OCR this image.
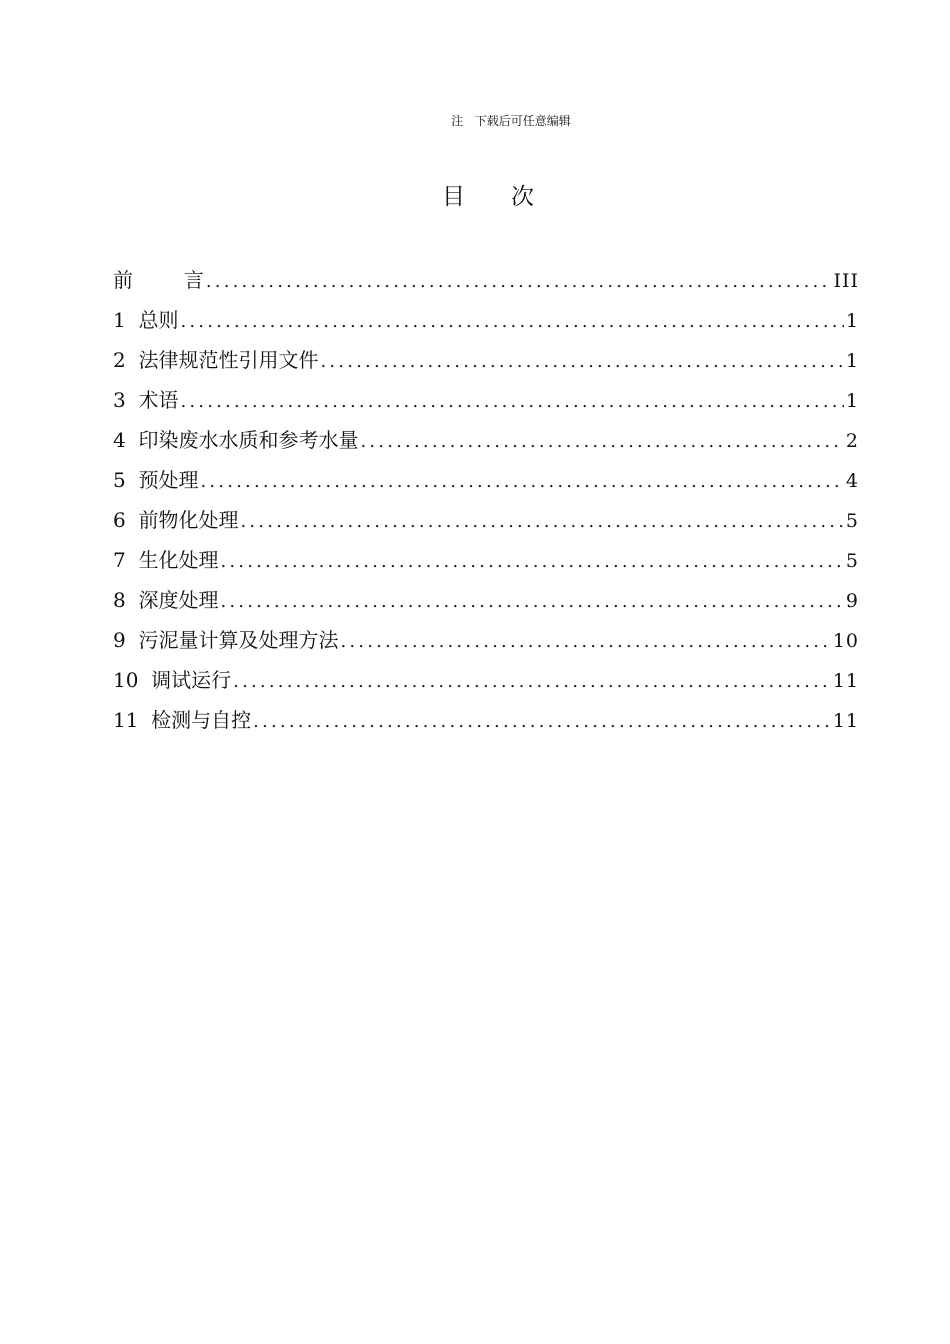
注   下载后可任意编辑
目次
前        言 .....	III
1 总则 .....	1
2 法律规范性引用文件 .....	1
3 术语 .....	1
4 印染废水水质和参考水量 .....	2
5 预处理 .....	4
6 前物化处理 .....	5
7 生化处理 .....	5
8 深度处理 .....	9
9 污泥量计算及处理方法 .....	10
10 调试运行 .....	11
11 检测与自控 .....	11
